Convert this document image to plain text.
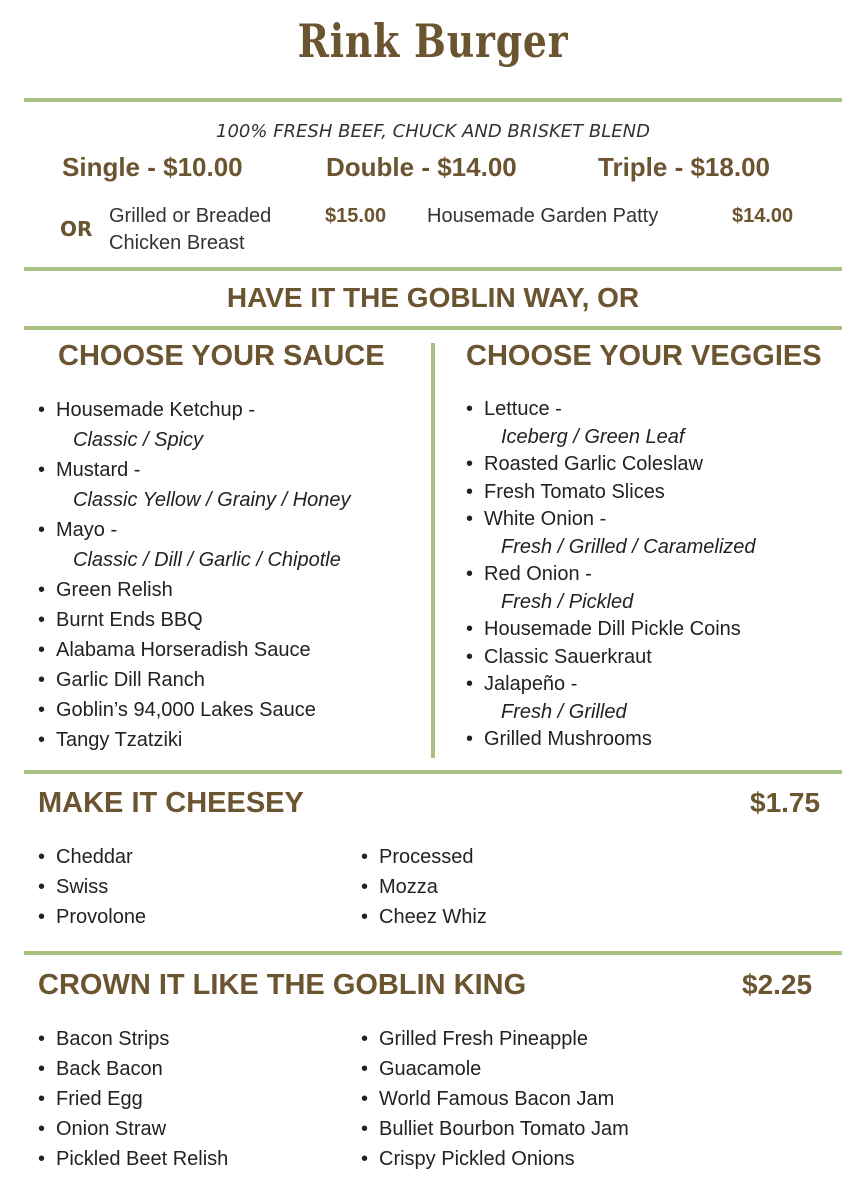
Rink Burger
100% FRESH BEEF, CHUCK AND BRISKET BLEND
Single - $10.00	Double - $14.00	Triple - $18.00
OR
Grilled or Breaded
Chicken Breast
$15.00 Housemade Garden Patty	$14.00
HAVE IT THE GOBLIN WAY, OR
CHOOSE YOUR SAUCE	CHOOSE YOUR VEGGIES
• Housemade Ketchup -
Classic / Spicy
• Mustard -
Classic Yellow / Grainy / Honey
• Mayo -
Classic / Dill / Garlic / Chipotle
• Green Relish
• Burnt Ends BBQ
• Alabama Horseradish Sauce
• Garlic Dill Ranch
• Goblin’s 94,000 Lakes Sauce
• Tangy Tzatziki
• Lettuce -
Iceberg / Green Leaf
• Roasted Garlic Coleslaw
• Fresh Tomato Slices
• White Onion -
Fresh / Grilled / Caramelized
• Red Onion -
Fresh / Pickled
• Housemade Dill Pickle Coins
• Classic Sauerkraut
• Jalapeño -
Fresh / Grilled
• Grilled Mushrooms
MAKE IT CHEESEY	$1.75
• Cheddar
• Swiss
• Provolone
• Processed
• Mozza
• Cheez Whiz
CROWN IT LIKE THE GOBLIN KING	$2.25
• Bacon Strips
• Back Bacon
• Fried Egg
• Onion Straw
• Pickled Beet Relish
• Grilled Fresh Pineapple
• Guacamole
• World Famous Bacon Jam
• Bulliet Bourbon Tomato Jam
• Crispy Pickled Onions
